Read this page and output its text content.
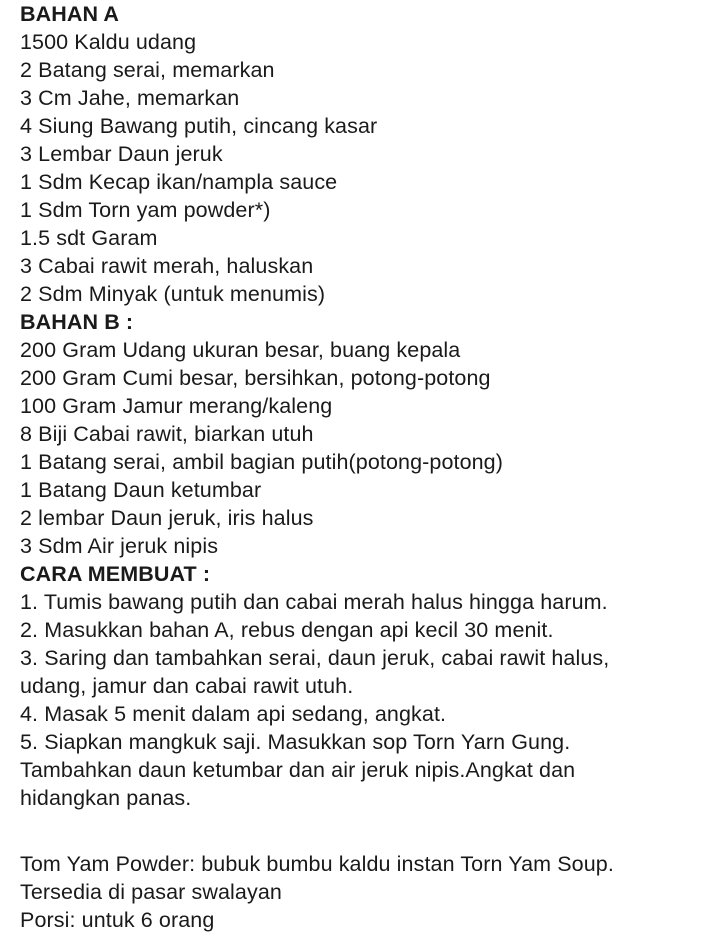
BAHAN A
1500 Kaldu udang
2 Batang serai, memarkan
3 Cm Jahe, memarkan
4 Siung Bawang putih, cincang kasar
3 Lembar Daun jeruk
1 Sdm Kecap ikan/nampla sauce
1 Sdm Torn yam powder*)
1.5 sdt Garam
3 Cabai rawit merah, haluskan
2 Sdm Minyak (untuk menumis)
BAHAN B :
200 Gram Udang ukuran besar, buang kepala
200 Gram Cumi besar, bersihkan, potong-potong
100 Gram Jamur merang/kaleng
8 Biji Cabai rawit, biarkan utuh
1 Batang serai, ambil bagian putih(potong-potong)
1 Batang Daun ketumbar
2 lembar Daun jeruk, iris halus
3 Sdm Air jeruk nipis
CARA MEMBUAT :
1. Tumis bawang putih dan cabai merah halus hingga harum.
2. Masukkan bahan A, rebus dengan api kecil 30 menit.
3. Saring dan tambahkan serai, daun jeruk, cabai rawit halus,
udang, jamur dan cabai rawit utuh.
4. Masak 5 menit dalam api sedang, angkat.
5. Siapkan mangkuk saji. Masukkan sop Torn Yarn Gung.
Tambahkan daun ketumbar dan air jeruk nipis.Angkat dan
hidangkan panas.
Tom Yam Powder: bubuk bumbu kaldu instan Torn Yam Soup.
Tersedia di pasar swalayan
Porsi: untuk 6 orang
